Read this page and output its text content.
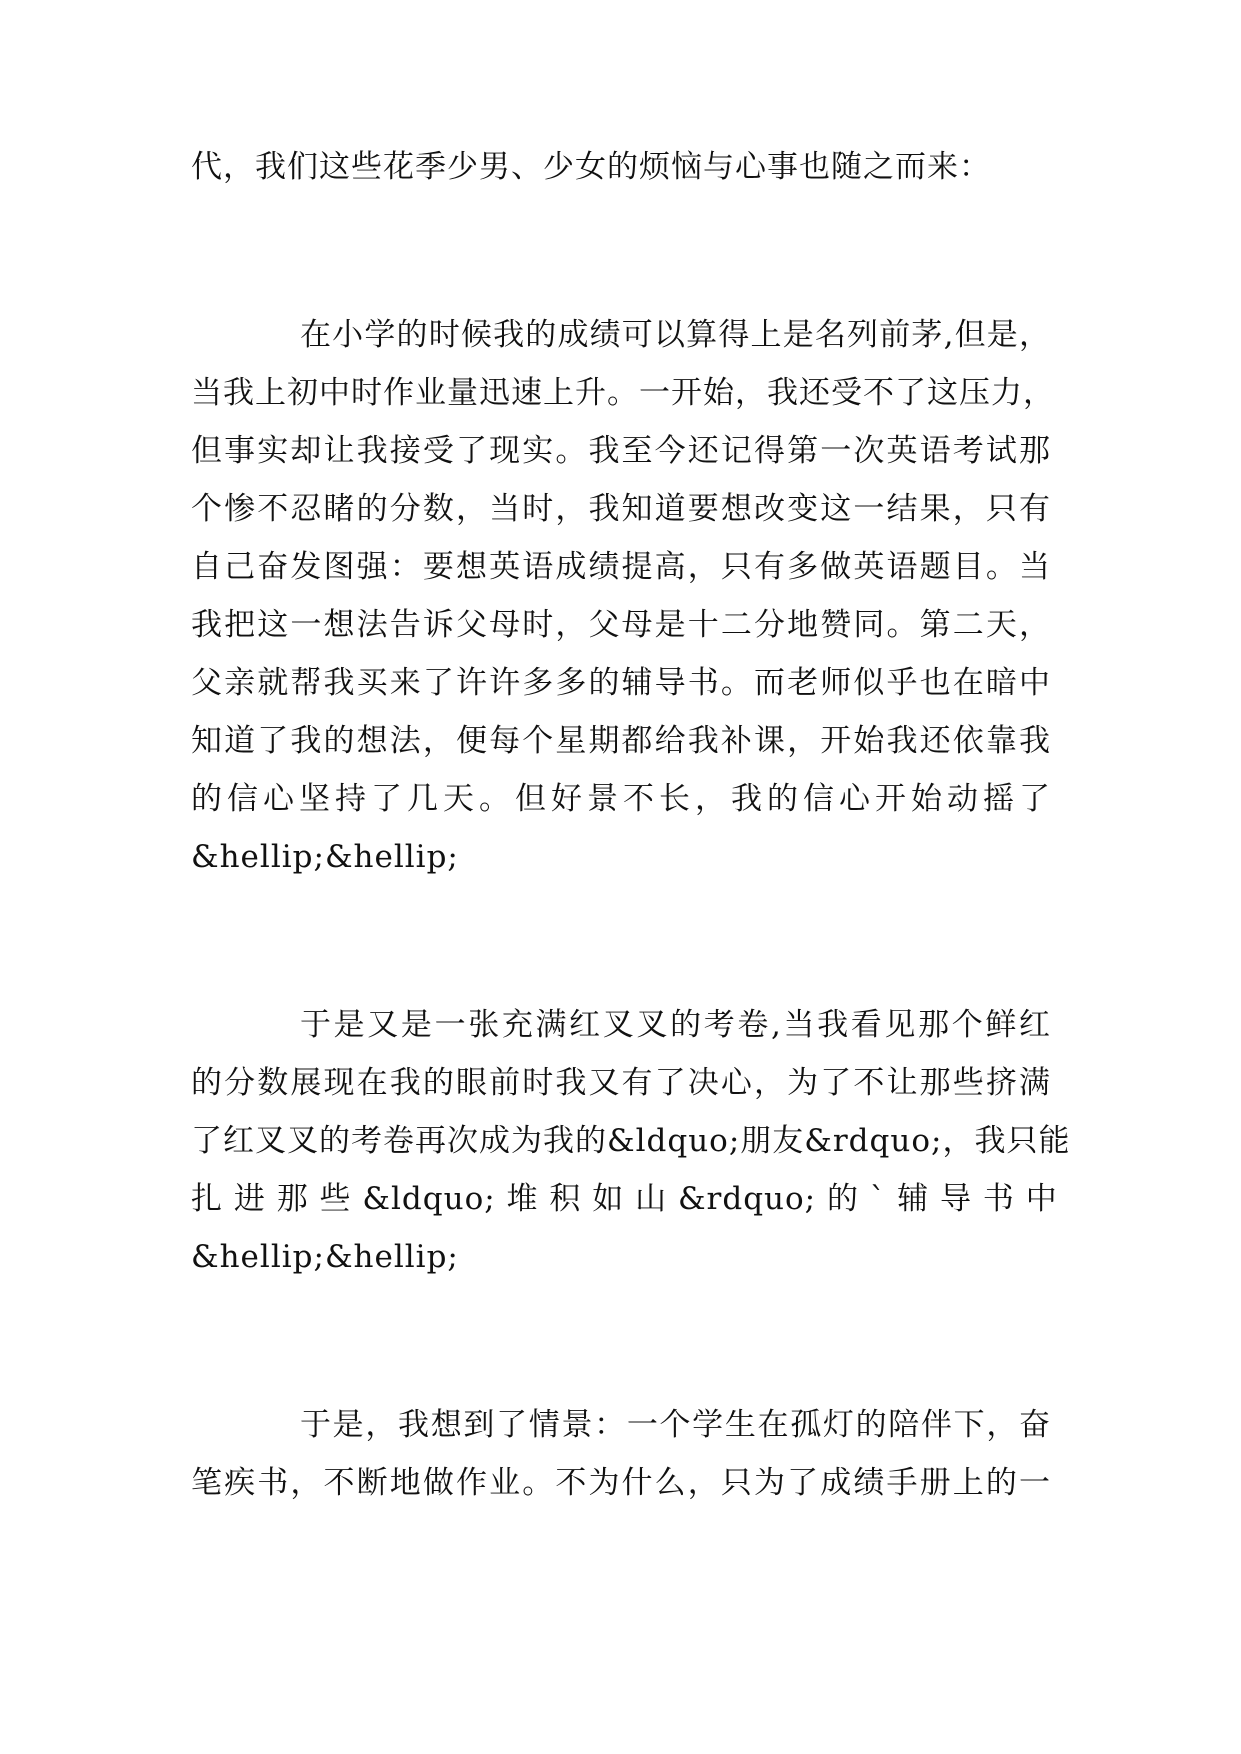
代，我们这些花季少男、少女的烦恼与心事也随之而来：
在小学的时候我的成绩可以算得上是名列前茅,但是，
当我上初中时作业量迅速上升。一开始，我还受不了这压力，
但事实却让我接受了现实。我至今还记得第一次英语考试那
个惨不忍睹的分数，当时，我知道要想改变这一结果，只有
自己奋发图强：要想英语成绩提高，只有多做英语题目。当
我把这一想法告诉父母时，父母是十二分地赞同。第二天，
父亲就帮我买来了许许多多的辅导书。而老师似乎也在暗中
知道了我的想法，便每个星期都给我补课，开始我还依靠我
的信心坚持了几天。但好景不长，我的信心开始动摇了
&hellip;&hellip;
于是又是一张充满红叉叉的考卷,当我看见那个鲜红
的分数展现在我的眼前时我又有了决心，为了不让那些挤满
了红叉叉的考卷再次成为我的&ldquo;朋友&rdquo;，我只能
扎 进 那 些 &ldquo; 堆 积 如 山 &rdquo; 的 ` 辅 导 书 中
&hellip;&hellip;
于是，我想到了情景：一个学生在孤灯的陪伴下，奋
笔疾书，不断地做作业。不为什么，只为了成绩手册上的一
